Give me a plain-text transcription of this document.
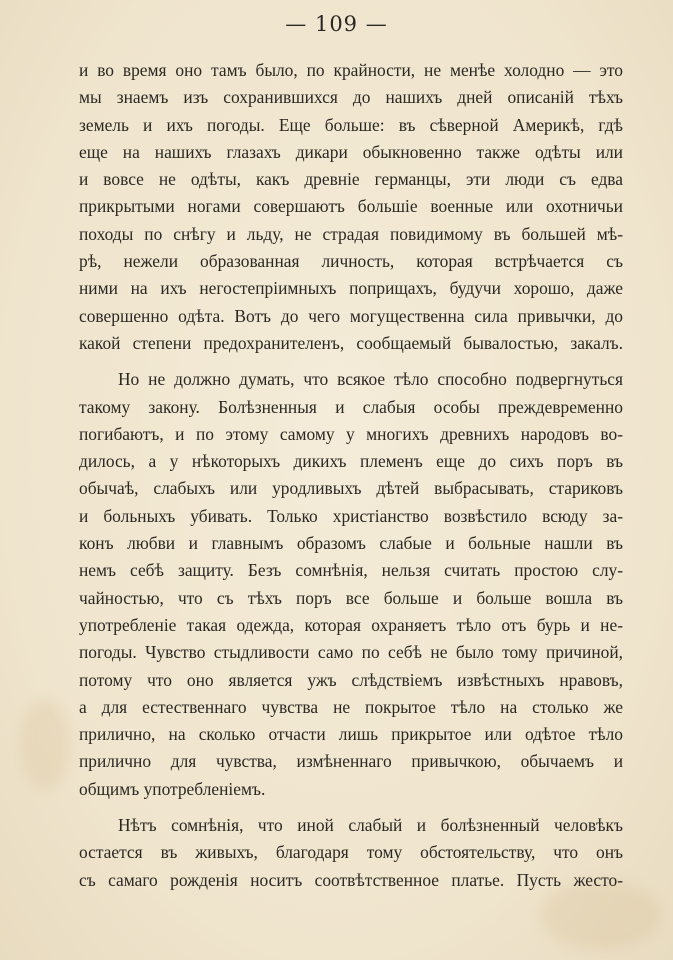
— 109 —
и во время оно тамъ было, по крайности, не менѣе холодно — это
мы знаемъ изъ сохранившихся до нашихъ дней описаній тѣхъ
земель и ихъ погоды. Еще больше: въ сѣверной Америкѣ, гдѣ
еще на нашихъ глазахъ дикари обыкновенно также одѣты или
и вовсе не одѣты, какъ древніе германцы, эти люди съ едва
прикрытыми ногами совершаютъ большіе военные или охотничьи
походы по снѣгу и льду, не страдая повидимому въ большей мѣ-
рѣ, нежели образованная личность, которая встрѣчается съ
ними на ихъ негостепріимныхъ поприщахъ, будучи хорошо, даже
совершенно одѣта. Вотъ до чего могущественна сила привычки, до
какой степени предохранителенъ, сообщаемый бывалостью, закалъ.
Но не должно думать, что всякое тѣло способно подвергнуться
такому закону. Болѣзненныя и слабыя особы преждевременно
погибаютъ, и по этому самому у многихъ древнихъ народовъ во-
дилось, а у нѣкоторыхъ дикихъ племенъ еще до сихъ поръ въ
обычаѣ, слабыхъ или уродливыхъ дѣтей выбрасывать, стариковъ
и больныхъ убивать. Только христіанство возвѣстило всюду за-
конъ любви и главнымъ образомъ слабые и больные нашли въ
немъ себѣ защиту. Безъ сомнѣнія, нельзя считать простою слу-
чайностью, что съ тѣхъ поръ все больше и больше вошла въ
употребленіе такая одежда, которая охраняетъ тѣло отъ бурь и не-
погоды. Чувство стыдливости само по себѣ не было тому причиной,
потому что оно является ужъ слѣдствіемъ извѣстныхъ нравовъ,
а для естественнаго чувства не покрытое тѣло на столько же
прилично, на сколько отчасти лишь прикрытое или одѣтое тѣло
прилично для чувства, измѣненнаго привычкою, обычаемъ и
общимъ употребленіемъ.
Нѣтъ сомнѣнія, что иной слабый и болѣзненный человѣкъ
остается въ живыхъ, благодаря тому обстоятельству, что онъ
съ самаго рожденія носитъ соотвѣтственное платье. Пусть жесто-
